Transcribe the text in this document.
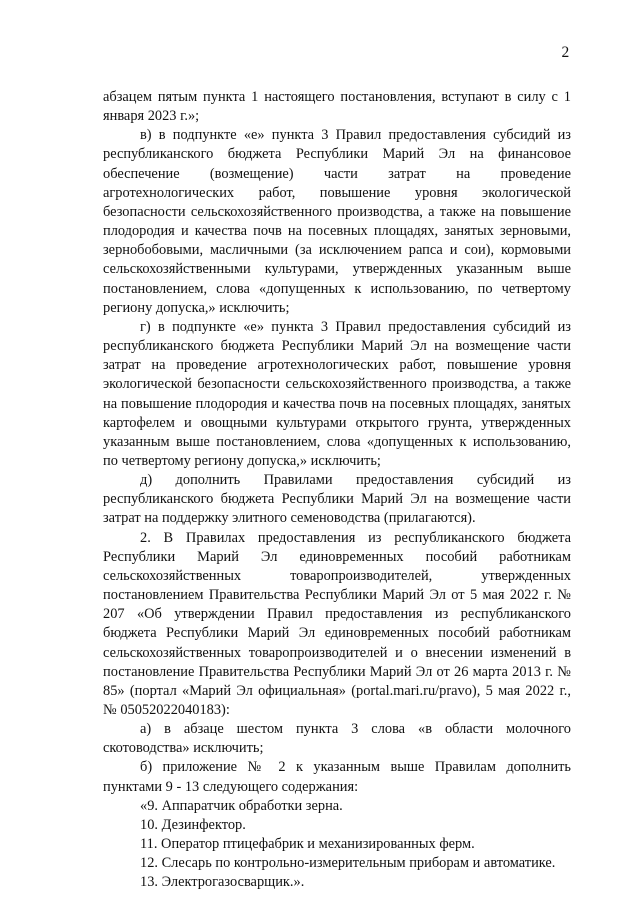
2

абзацем пятым пункта 1 настоящего постановления, вступают в силу с 1 января 2023 г.»;

в) в подпункте «е» пункта 3 Правил предоставления субсидий из республиканского бюджета Республики Марий Эл на финансовое обеспечение (возмещение) части затрат на проведение агротехнологических работ, повышение уровня экологической безопасности сельскохозяйственного производства, а также на повышение плодородия и качества почв на посевных площадях, занятых зерновыми, зернобобовыми, масличными (за исключением рапса и сои), кормовыми сельскохозяйственными культурами, утвержденных указанным выше постановлением, слова «допущенных к использованию, по четвертому региону допуска,» исключить;

г) в подпункте «е» пункта 3 Правил предоставления субсидий из республиканского бюджета Республики Марий Эл на возмещение части затрат на проведение агротехнологических работ, повышение уровня экологической безопасности сельскохозяйственного производства, а также на повышение плодородия и качества почв на посевных площадях, занятых картофелем и овощными культурами открытого грунта, утвержденных указанным выше постановлением, слова «допущенных к использованию, по четвертому региону допуска,» исключить;

д) дополнить Правилами предоставления субсидий из республиканского бюджета Республики Марий Эл на возмещение части затрат на поддержку элитного семеноводства (прилагаются).

2. В Правилах предоставления из республиканского бюджета Республики Марий Эл единовременных пособий работникам сельскохозяйственных товаропроизводителей, утвержденных постановлением Правительства Республики Марий Эл от 5 мая 2022 г. № 207 «Об утверждении Правил предоставления из республиканского бюджета Республики Марий Эл единовременных пособий работникам сельскохозяйственных товаропроизводителей и о внесении изменений в постановление Правительства Республики Марий Эл от 26 марта 2013 г. № 85» (портал «Марий Эл официальная» (portal.mari.ru/pravo), 5 мая 2022 г., № 05052022040183):

а) в абзаце шестом пункта 3 слова «в области молочного скотоводства» исключить;

б) приложение № 2 к указанным выше Правилам дополнить пунктами 9 - 13 следующего содержания:

«9. Аппаратчик обработки зерна.

10. Дезинфектор.

11. Оператор птицефабрик и механизированных ферм.

12. Слесарь по контрольно-измерительным приборам и автоматике.

13. Электрогазосварщик.».
